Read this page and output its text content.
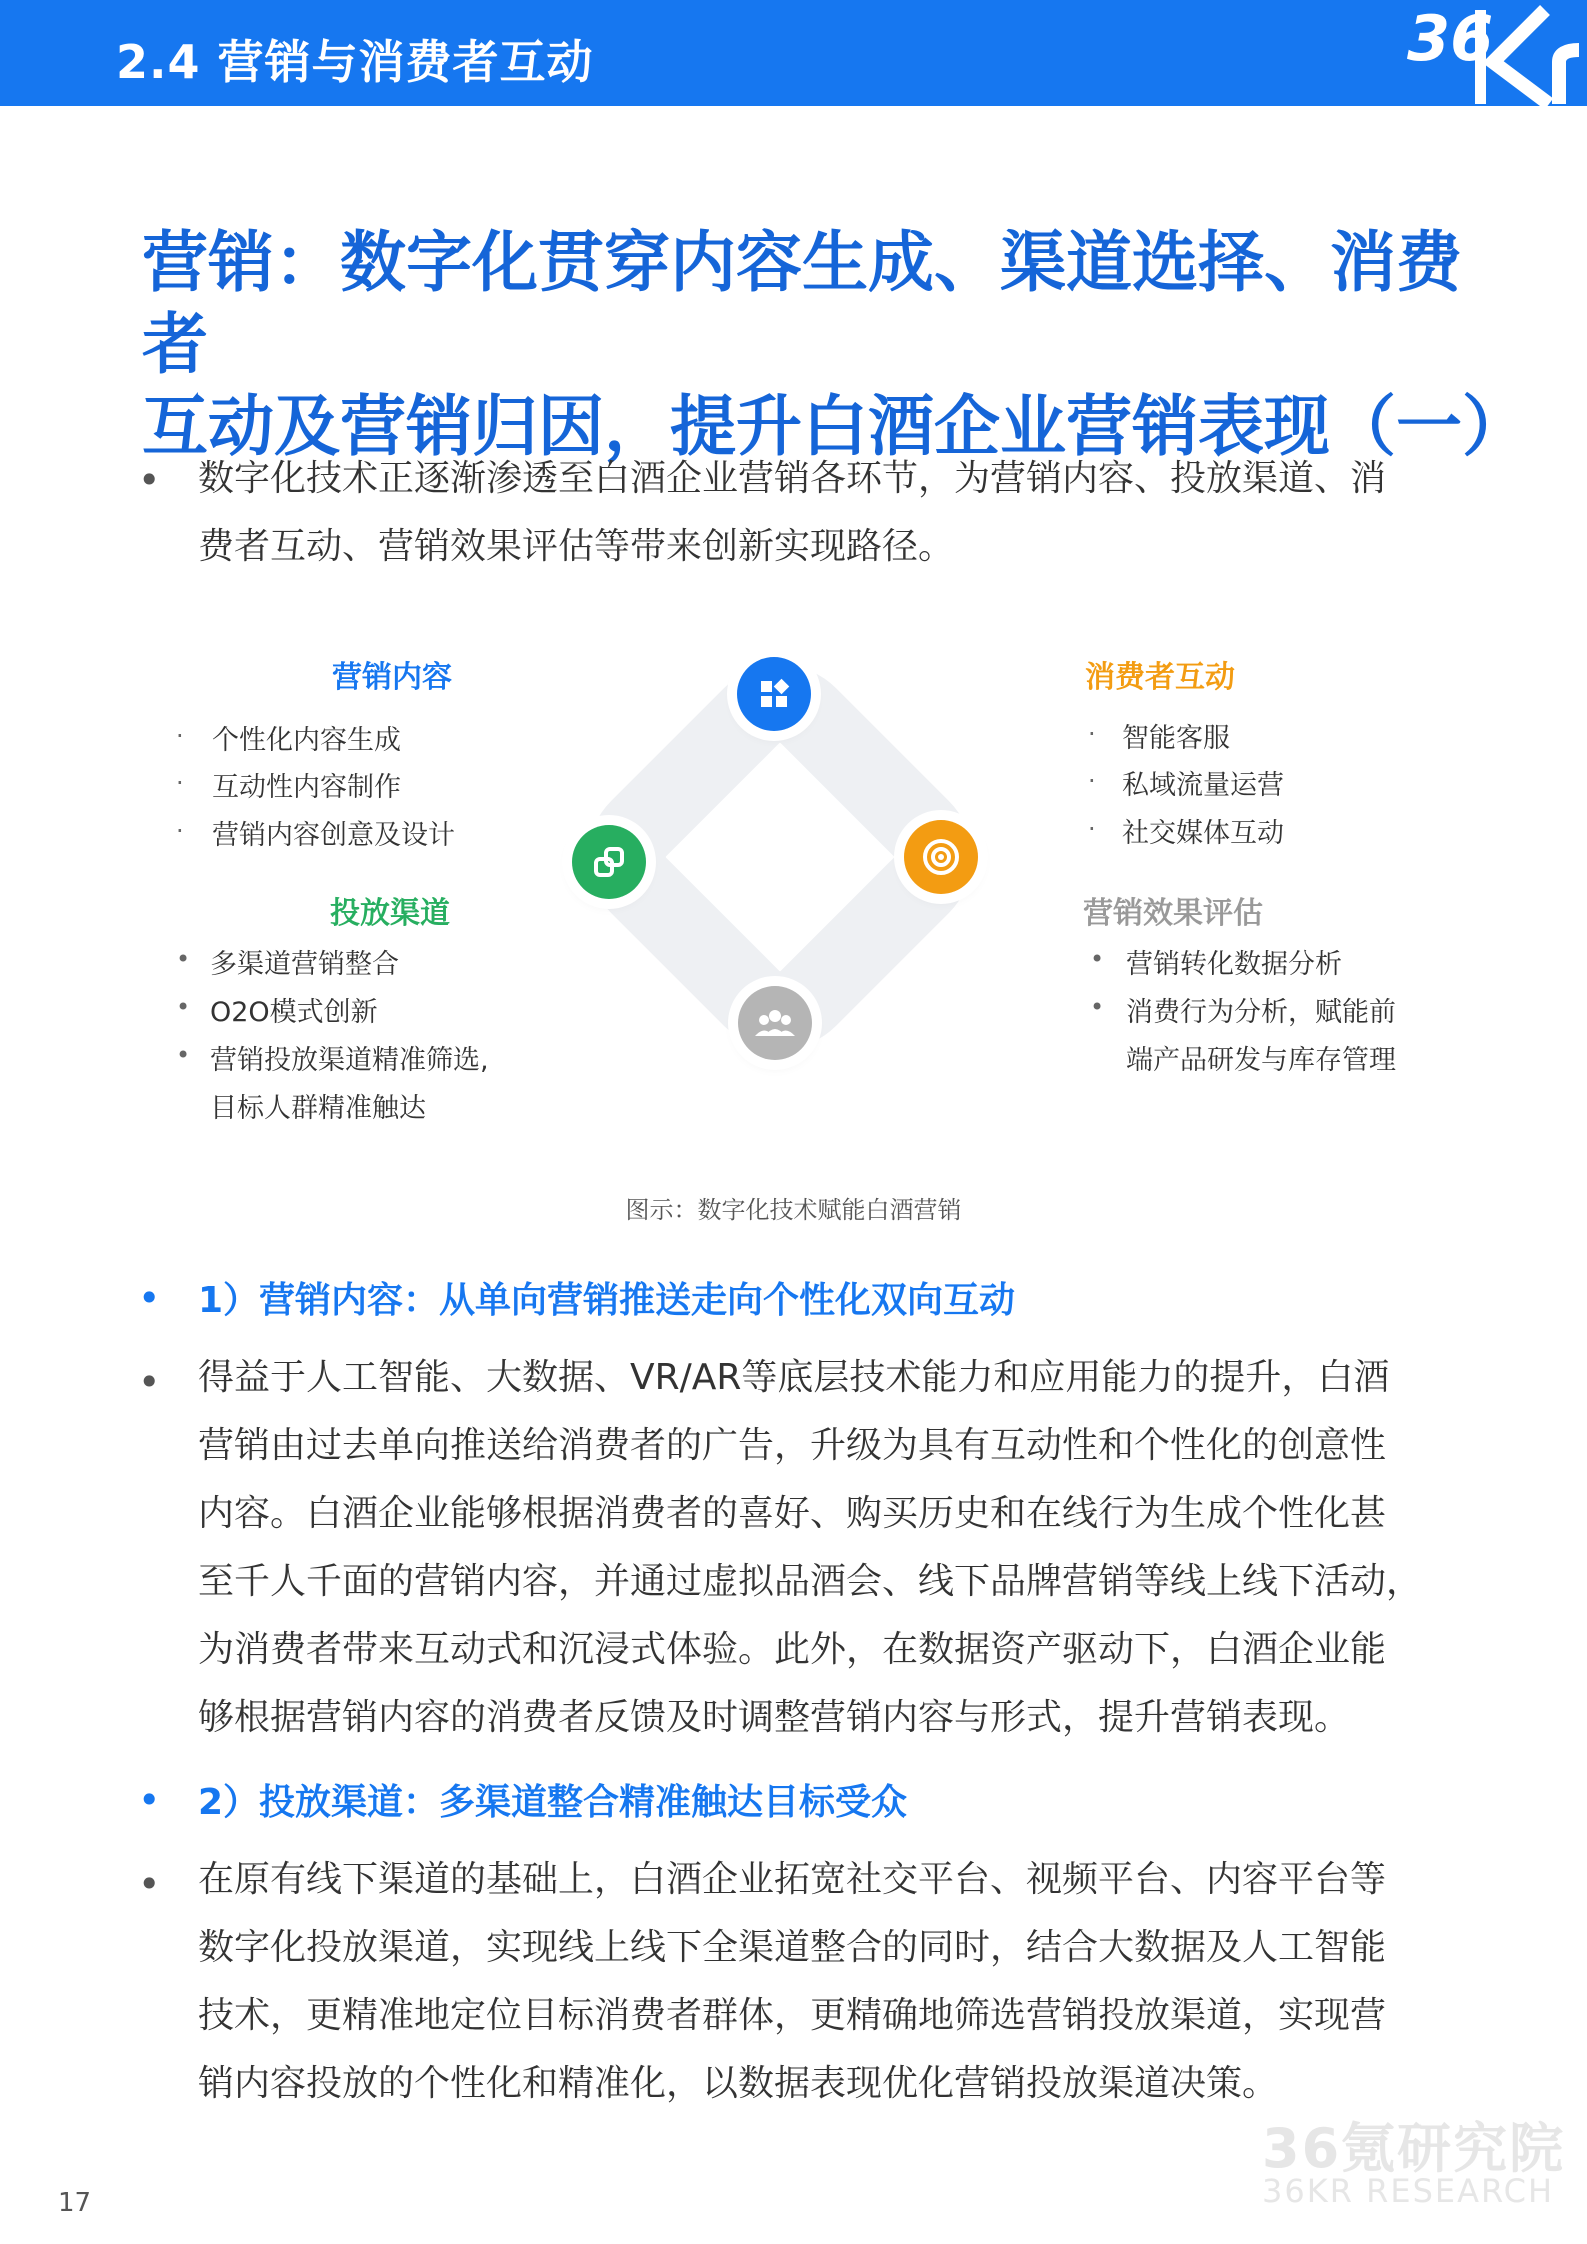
2.4 营销与消费者互动	36
营销：数字化贯穿内容生成、渠道选择、消费者
互动及营销归因，提升白酒企业营销表现（一）
• 数字化技术正逐渐渗透至白酒企业营销各环节，为营销内容、投放渠道、消
费者互动、营销效果评估等带来创新实现路径。
营销内容
· 个性化内容生成
· 互动性内容制作
· 营销内容创意及设计
投放渠道
• 多渠道营销整合
• O2O模式创新
• 营销投放渠道精准筛选,
目标人群精准触达
消费者互动
· 智能客服
· 私域流量运营
· 社交媒体互动
营销效果评估
• 营销转化数据分析
• 消费行为分析，赋能前
端产品研发与库存管理
图示：数字化技术赋能白酒营销
• 1）营销内容：从单向营销推送走向个性化双向互动
• 得益于人工智能、大数据、VR/AR等底层技术能力和应用能力的提升，白酒
营销由过去单向推送给消费者的广告，升级为具有互动性和个性化的创意性
内容。白酒企业能够根据消费者的喜好、购买历史和在线行为生成个性化甚
至千人千面的营销内容，并通过虚拟品酒会、线下品牌营销等线上线下活动，
为消费者带来互动式和沉浸式体验。此外，在数据资产驱动下，白酒企业能
够根据营销内容的消费者反馈及时调整营销内容与形式，提升营销表现。
• 2）投放渠道：多渠道整合精准触达目标受众
• 在原有线下渠道的基础上，白酒企业拓宽社交平台、视频平台、内容平台等
数字化投放渠道，实现线上线下全渠道整合的同时，结合大数据及人工智能
技术，更精准地定位目标消费者群体，更精确地筛选营销投放渠道，实现营
销内容投放的个性化和精准化，以数据表现优化营销投放渠道决策。
36氪研究院
36KR RESEARCH
17
